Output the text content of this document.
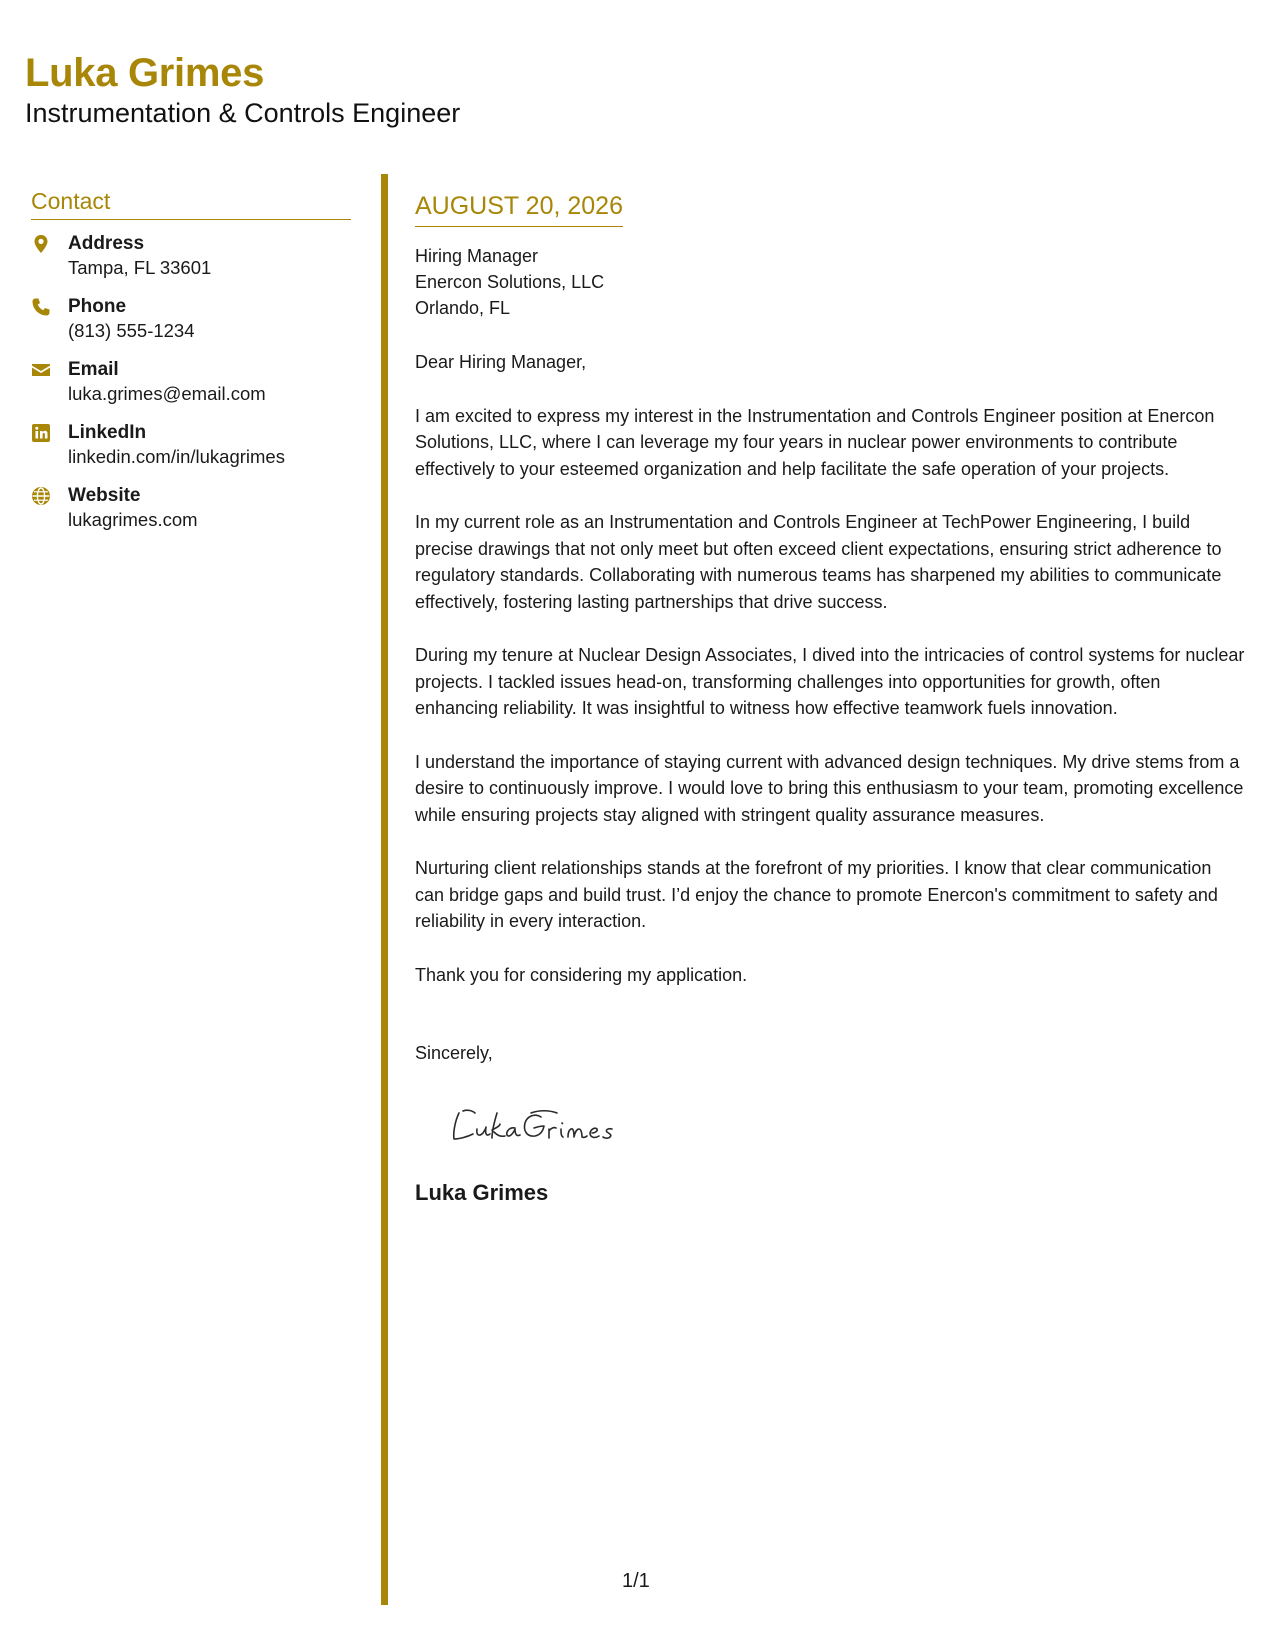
Luka Grimes
Instrumentation & Controls Engineer
Contact
Address
Tampa, FL 33601
Phone
(813) 555-1234
Email
luka.grimes@email.com
LinkedIn
linkedin.com/in/lukagrimes
Website
lukagrimes.com
AUGUST 20, 2026
Hiring Manager
Enercon Solutions, LLC
Orlando, FL
Dear Hiring Manager,
I am excited to express my interest in the Instrumentation and Controls Engineer position at Enercon Solutions, LLC, where I can leverage my four years in nuclear power environments to contribute effectively to your esteemed organization and help facilitate the safe operation of your projects.
In my current role as an Instrumentation and Controls Engineer at TechPower Engineering, I build precise drawings that not only meet but often exceed client expectations, ensuring strict adherence to regulatory standards. Collaborating with numerous teams has sharpened my abilities to communicate effectively, fostering lasting partnerships that drive success.
During my tenure at Nuclear Design Associates, I dived into the intricacies of control systems for nuclear projects. I tackled issues head-on, transforming challenges into opportunities for growth, often enhancing reliability. It was insightful to witness how effective teamwork fuels innovation.
I understand the importance of staying current with advanced design techniques. My drive stems from a desire to continuously improve. I would love to bring this enthusiasm to your team, promoting excellence while ensuring projects stay aligned with stringent quality assurance measures.
Nurturing client relationships stands at the forefront of my priorities. I know that clear communication can bridge gaps and build trust. I’d enjoy the chance to promote Enercon's commitment to safety and reliability in every interaction.
Thank you for considering my application.
Sincerely,
Luka Grimes
1/1
